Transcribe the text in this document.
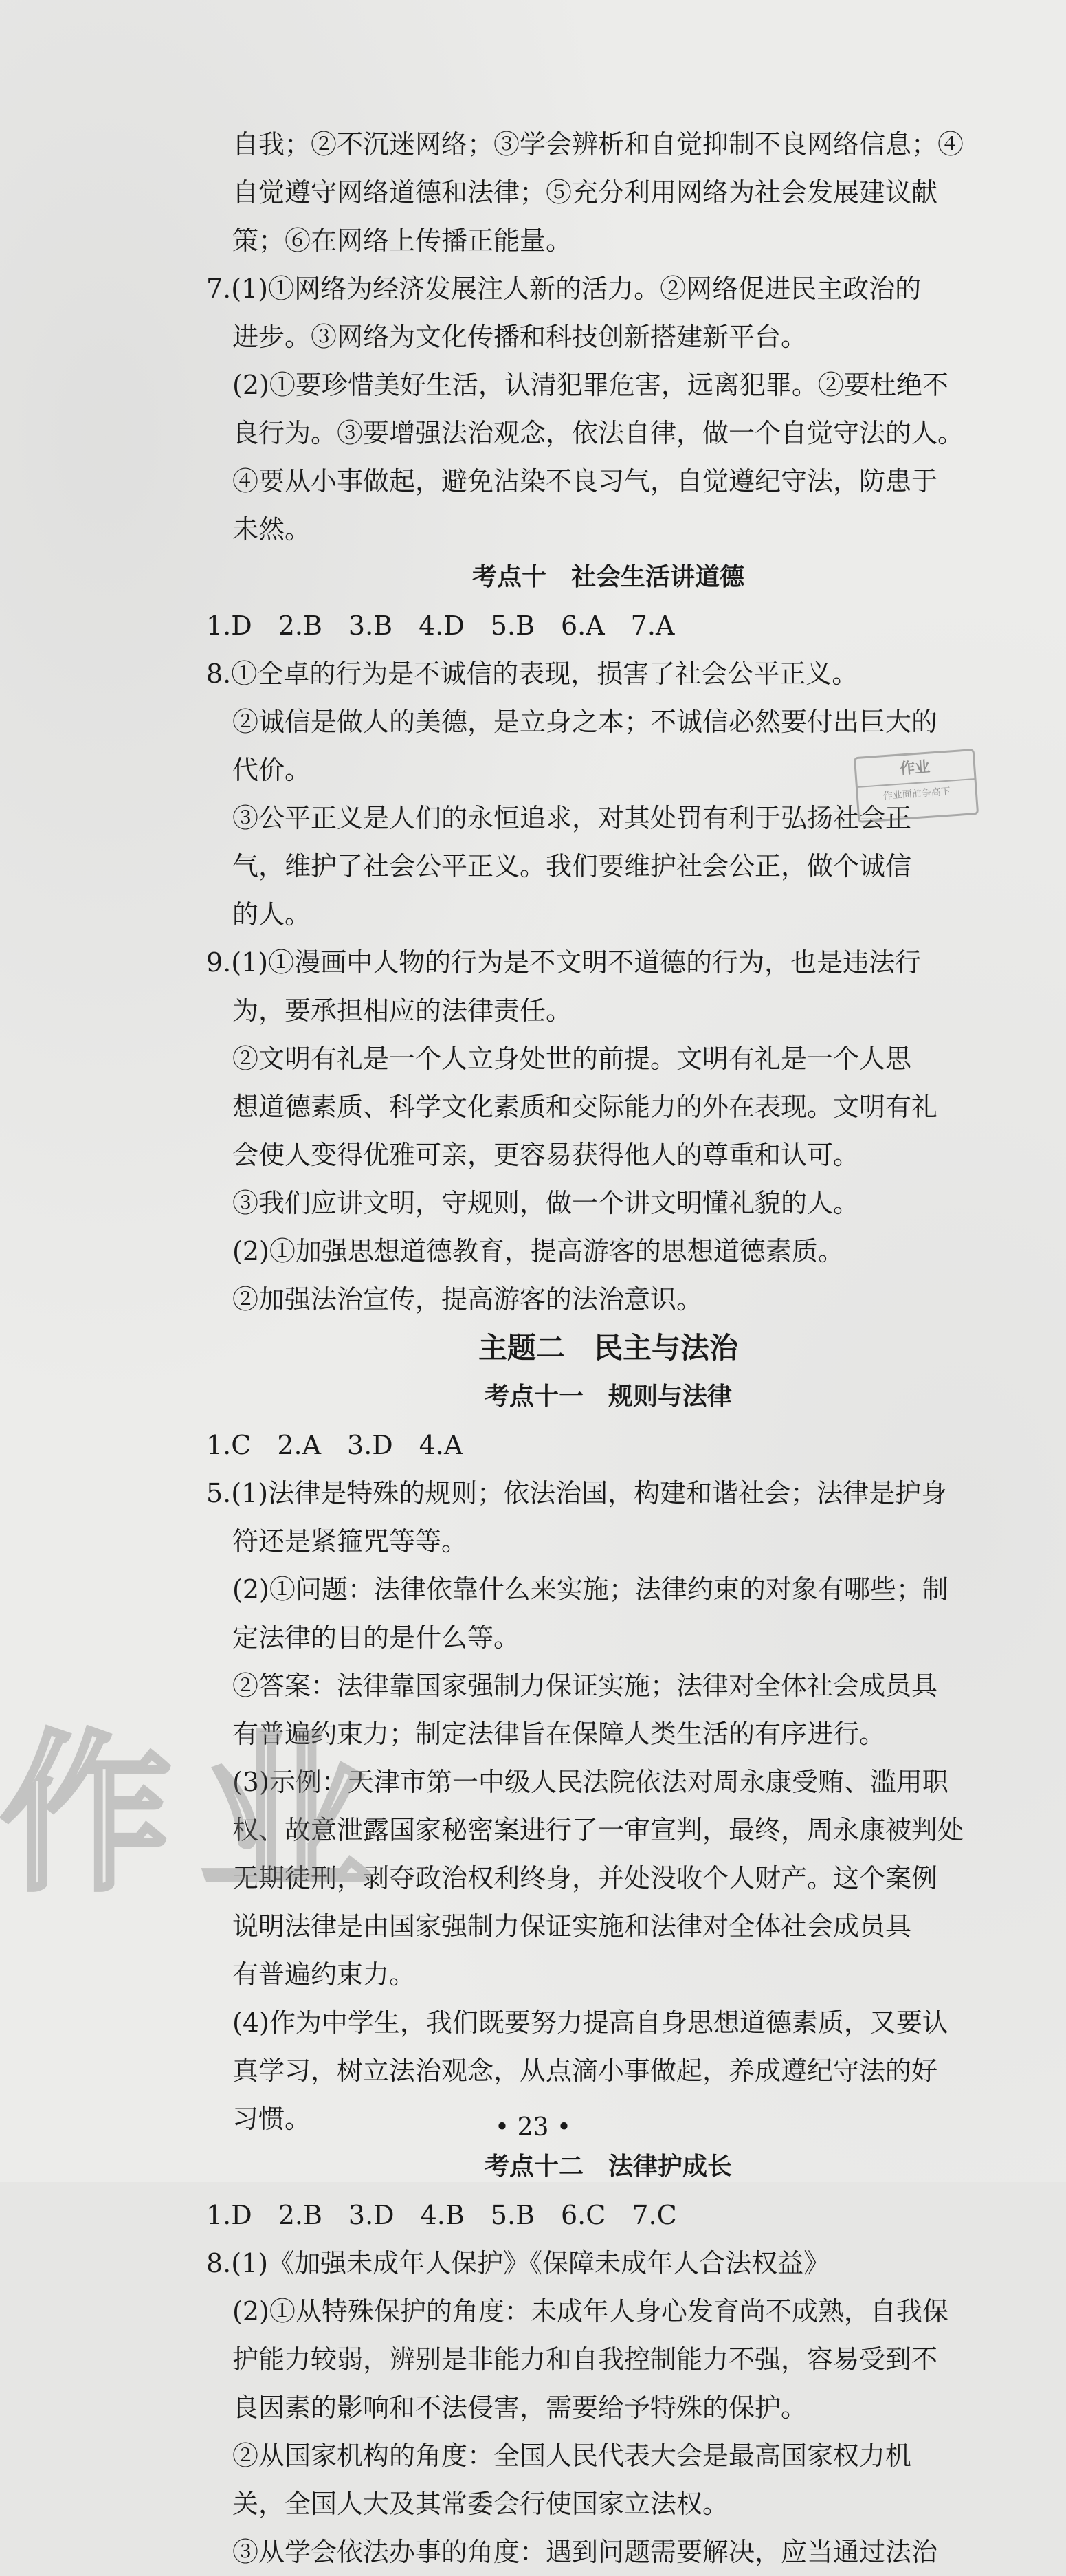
自我；②不沉迷网络；③学会辨析和自觉抑制不良网络信息；④
自觉遵守网络道德和法律；⑤充分利用网络为社会发展建议献
策；⑥在网络上传播正能量。
7.(1)①网络为经济发展注人新的活力。②网络促进民主政治的
进步。③网络为文化传播和科技创新搭建新平台。
(2)①要珍惜美好生活，认清犯罪危害，远离犯罪。②要杜绝不
良行为。③要增强法治观念，依法自律，做一个自觉守法的人。
④要从小事做起，避免沾染不良习气，自觉遵纪守法，防患于
未然。
考点十　社会生活讲道德
1.D　2.B　3.B　4.D　5.B　6.A　7.A
8.①仝卓的行为是不诚信的表现，损害了社会公平正义。
②诚信是做人的美德，是立身之本；不诚信必然要付出巨大的
代价。
③公平正义是人们的永恒追求，对其处罚有利于弘扬社会正
气，维护了社会公平正义。我们要维护社会公正，做个诚信
的人。
9.(1)①漫画中人物的行为是不文明不道德的行为，也是违法行
为，要承担相应的法律责任。
②文明有礼是一个人立身处世的前提。文明有礼是一个人思
想道德素质、科学文化素质和交际能力的外在表现。文明有礼
会使人变得优雅可亲，更容易获得他人的尊重和认可。
③我们应讲文明，守规则，做一个讲文明懂礼貌的人。
(2)①加强思想道德教育，提高游客的思想道德素质。
②加强法治宣传，提高游客的法治意识。
主题二　民主与法治
考点十一　规则与法律
1.C　2.A　3.D　4.A
5.(1)法律是特殊的规则；依法治国，构建和谐社会；法律是护身
符还是紧箍咒等等。
(2)①问题：法律依靠什么来实施；法律约束的对象有哪些；制
定法律的目的是什么等。
②答案：法律靠国家强制力保证实施；法律对全体社会成员具
有普遍约束力；制定法律旨在保障人类生活的有序进行。
(3)示例：天津市第一中级人民法院依法对周永康受贿、滥用职
权、故意泄露国家秘密案进行了一审宣判，最终，周永康被判处
无期徒刑，剥夺政治权利终身，并处没收个人财产。这个案例
说明法律是由国家强制力保证实施和法律对全体社会成员具
有普遍约束力。
(4)作为中学生，我们既要努力提高自身思想道德素质，又要认
真学习，树立法治观念，从点滴小事做起，养成遵纪守法的好
习惯。
考点十二　法律护成长
1.D　2.B　3.D　4.B　5.B　6.C　7.C
8.(1)《加强未成年人保护》《保障未成年人合法权益》
(2)①从特殊保护的角度：未成年人身心发育尚不成熟，自我保
护能力较弱，辨别是非能力和自我控制能力不强，容易受到不
良因素的影响和不法侵害，需要给予特殊的保护。
②从国家机构的角度：全国人民代表大会是最高国家权力机
关，全国人大及其常委会行使国家立法权。
③从学会依法办事的角度：遇到问题需要解决，应当通过法治
作业
作业面前争高下
作业
• 23 •
